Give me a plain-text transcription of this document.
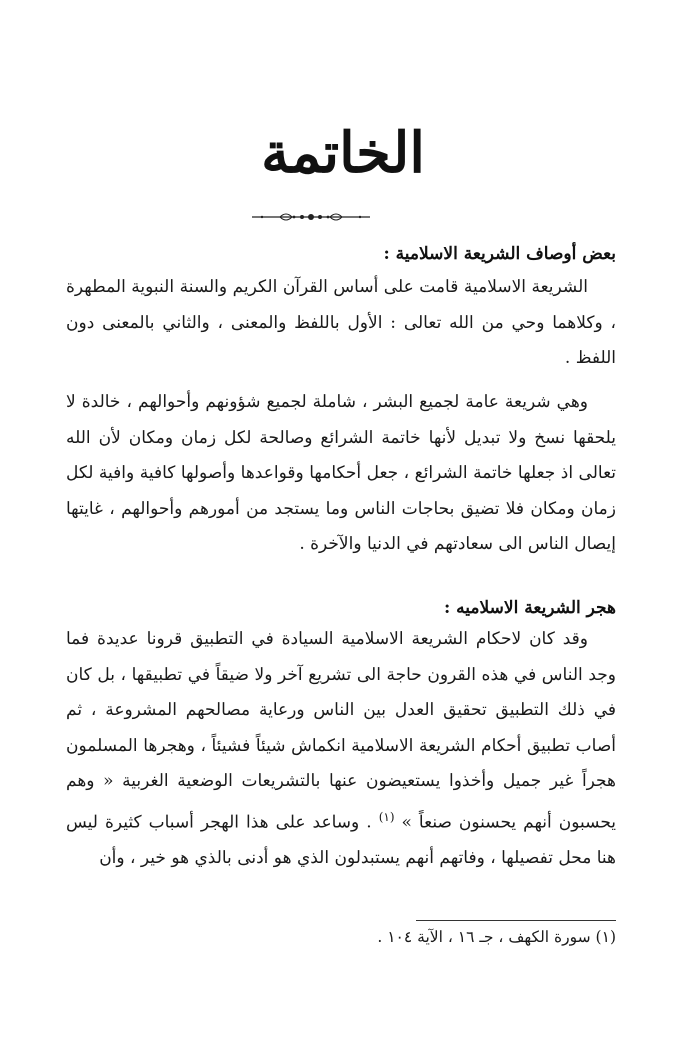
الخاتمة
بعض أوصاف الشريعة الاسلامية :
الشريعة الاسلامية قامت على أساس القرآن الكريم والسنة النبوية المطهرة ، وكلاهما وحي من الله تعالى : الأول باللفظ والمعنى ، والثاني بالمعنى دون اللفظ .
وهي شريعة عامة لجميع البشر ، شاملة لجميع شؤونهم وأحوالهم ، خالدة لا يلحقها نسخ ولا تبديل لأنها خاتمة الشرائع وصالحة لكل زمان ومكان لأن الله تعالى اذ جعلها خاتمة الشرائع ، جعل أحكامها وقواعدها وأصولها كافية وافية لكل زمان ومكان فلا تضيق بحاجات الناس وما يستجد من أمورهم وأحوالهم ، غايتها إيصال الناس الى سعادتهم في الدنيا والآخرة .
هجر الشريعة الاسلاميه :
وقد كان لاحكام الشريعة الاسلامية السيادة في التطبيق قرونا عديدة فما وجد الناس في هذه القرون حاجة الى تشريع آخر ولا ضيقاً في تطبيقها ، بل كان في ذلك التطبيق تحقيق العدل بين الناس ورعاية مصالحهم المشروعة ، ثم أصاب تطبيق أحكام الشريعة الاسلامية انكماش شيئاً فشيئاً ، وهجرها المسلمون هجراً غير جميل وأخذوا يستعيضون عنها بالتشريعات الوضعية الغربية « وهم يحسبون أنهم يحسنون صنعاً » $^{(١)}$ . وساعد على هذا الهجر أسباب كثيرة ليس هنا محل تفصيلها ، وفاتهم أنهم يستبدلون الذي هو أدنى بالذي هو خير ، وأن
(١) سورة الكهف ، جـ ١٦ ، الآية ١٠٤ .
